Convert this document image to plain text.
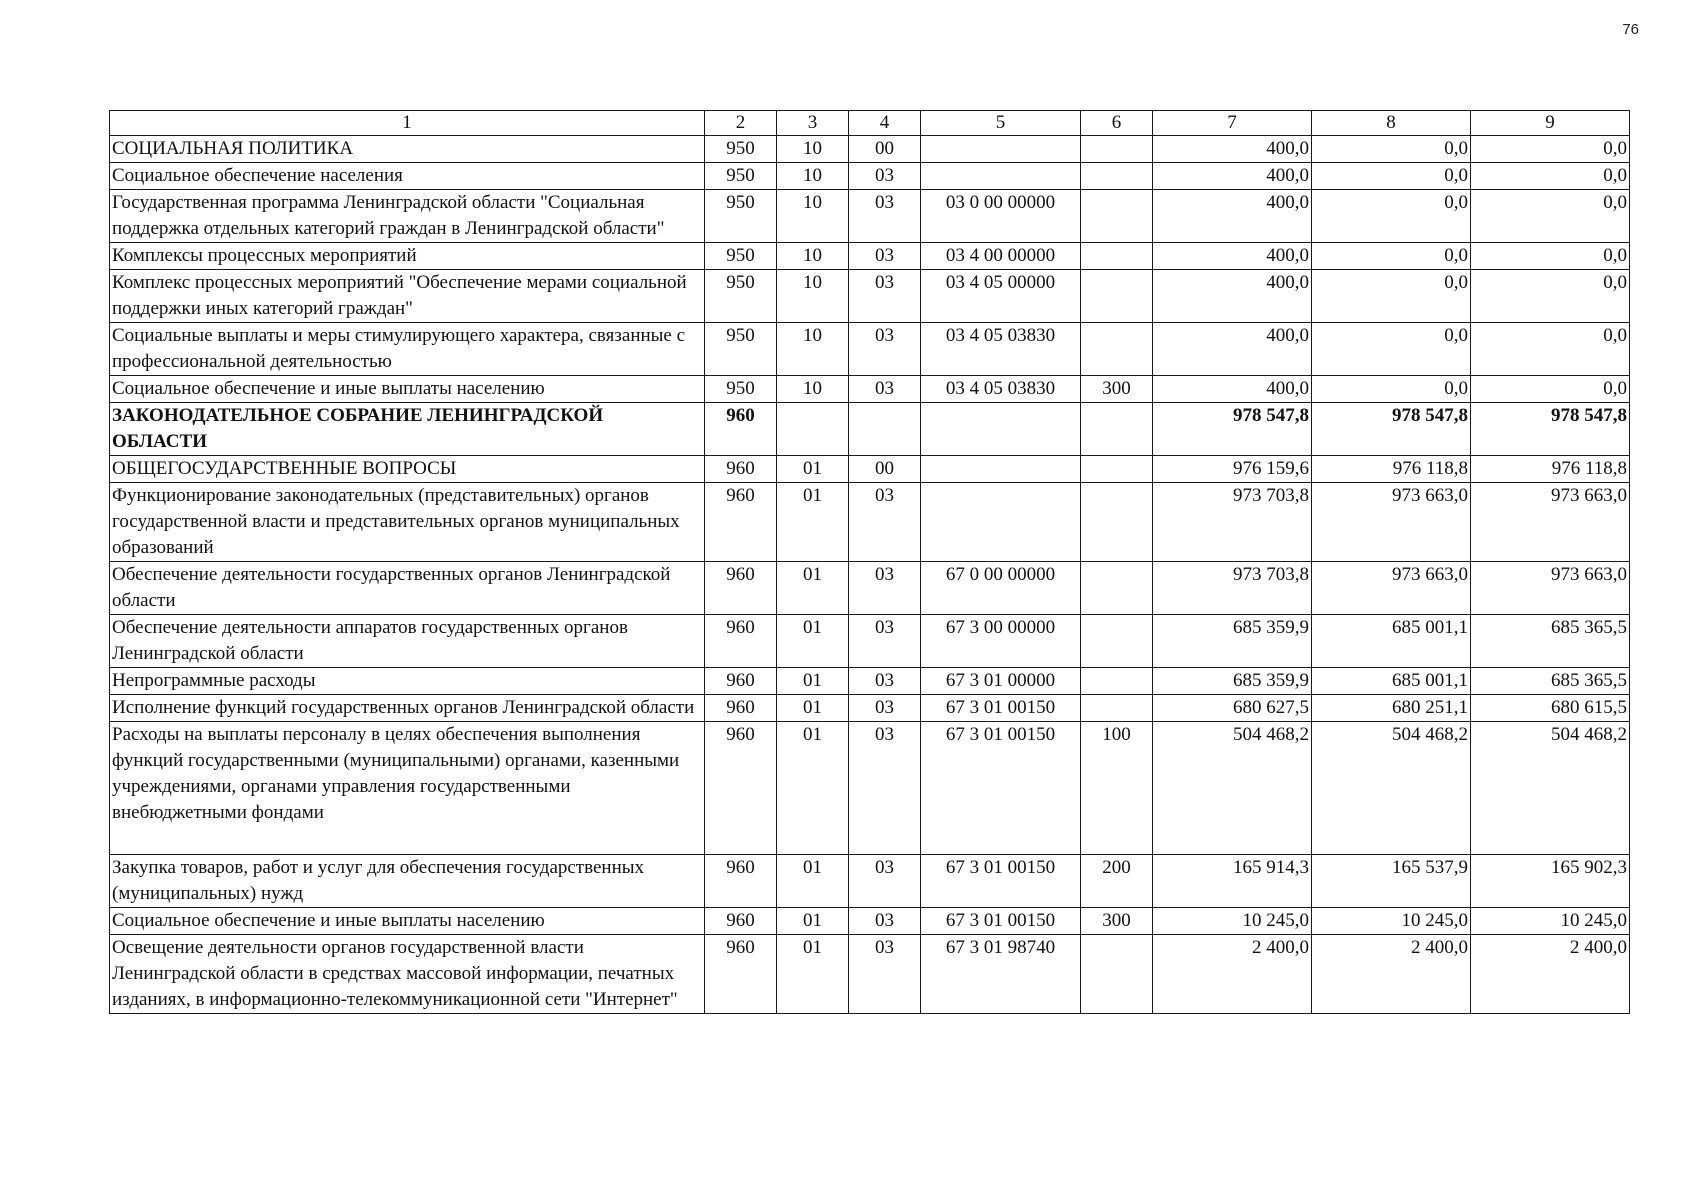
76
1	2	3	4	5	6	7	8	9
СОЦИАЛЬНАЯ ПОЛИТИКА	950	10	00			400,0	0,0	0,0
Социальное обеспечение населения	950	10	03			400,0	0,0	0,0
Государственная программа Ленинградской области "Социальная поддержка отдельных категорий граждан в Ленинградской области"	950	10	03	03 0 00 00000		400,0	0,0	0,0
Комплексы процессных мероприятий	950	10	03	03 4 00 00000		400,0	0,0	0,0
Комплекс процессных мероприятий "Обеспечение мерами социальной поддержки иных категорий граждан"	950	10	03	03 4 05 00000		400,0	0,0	0,0
Социальные выплаты и меры стимулирующего характера, связанные с профессиональной деятельностью	950	10	03	03 4 05 03830		400,0	0,0	0,0
Социальное обеспечение и иные выплаты населению	950	10	03	03 4 05 03830	300	400,0	0,0	0,0
ЗАКОНОДАТЕЛЬНОЕ СОБРАНИЕ ЛЕНИНГРАДСКОЙ ОБЛАСТИ	960					978 547,8	978 547,8	978 547,8
ОБЩЕГОСУДАРСТВЕННЫЕ ВОПРОСЫ	960	01	00			976 159,6	976 118,8	976 118,8
Функционирование законодательных (представительных) органов государственной власти и представительных органов муниципальных образований	960	01	03			973 703,8	973 663,0	973 663,0
Обеспечение деятельности государственных органов Ленинградской области	960	01	03	67 0 00 00000		973 703,8	973 663,0	973 663,0
Обеспечение деятельности аппаратов государственных органов Ленинградской области	960	01	03	67 3 00 00000		685 359,9	685 001,1	685 365,5
Непрограммные расходы	960	01	03	67 3 01 00000		685 359,9	685 001,1	685 365,5
Исполнение функций государственных органов Ленинградской области	960	01	03	67 3 01 00150		680 627,5	680 251,1	680 615,5
Расходы на выплаты персоналу в целях обеспечения выполнения функций государственными (муниципальными) органами, казенными учреждениями, органами управления государственными внебюджетными фондами	960	01	03	67 3 01 00150	100	504 468,2	504 468,2	504 468,2
Закупка товаров, работ и услуг для обеспечения государственных (муниципальных) нужд	960	01	03	67 3 01 00150	200	165 914,3	165 537,9	165 902,3
Социальное обеспечение и иные выплаты населению	960	01	03	67 3 01 00150	300	10 245,0	10 245,0	10 245,0
Освещение деятельности органов государственной власти Ленинградской области в средствах массовой информации, печатных изданиях, в информационно-телекоммуникационной сети "Интернет"	960	01	03	67 3 01 98740		2 400,0	2 400,0	2 400,0
